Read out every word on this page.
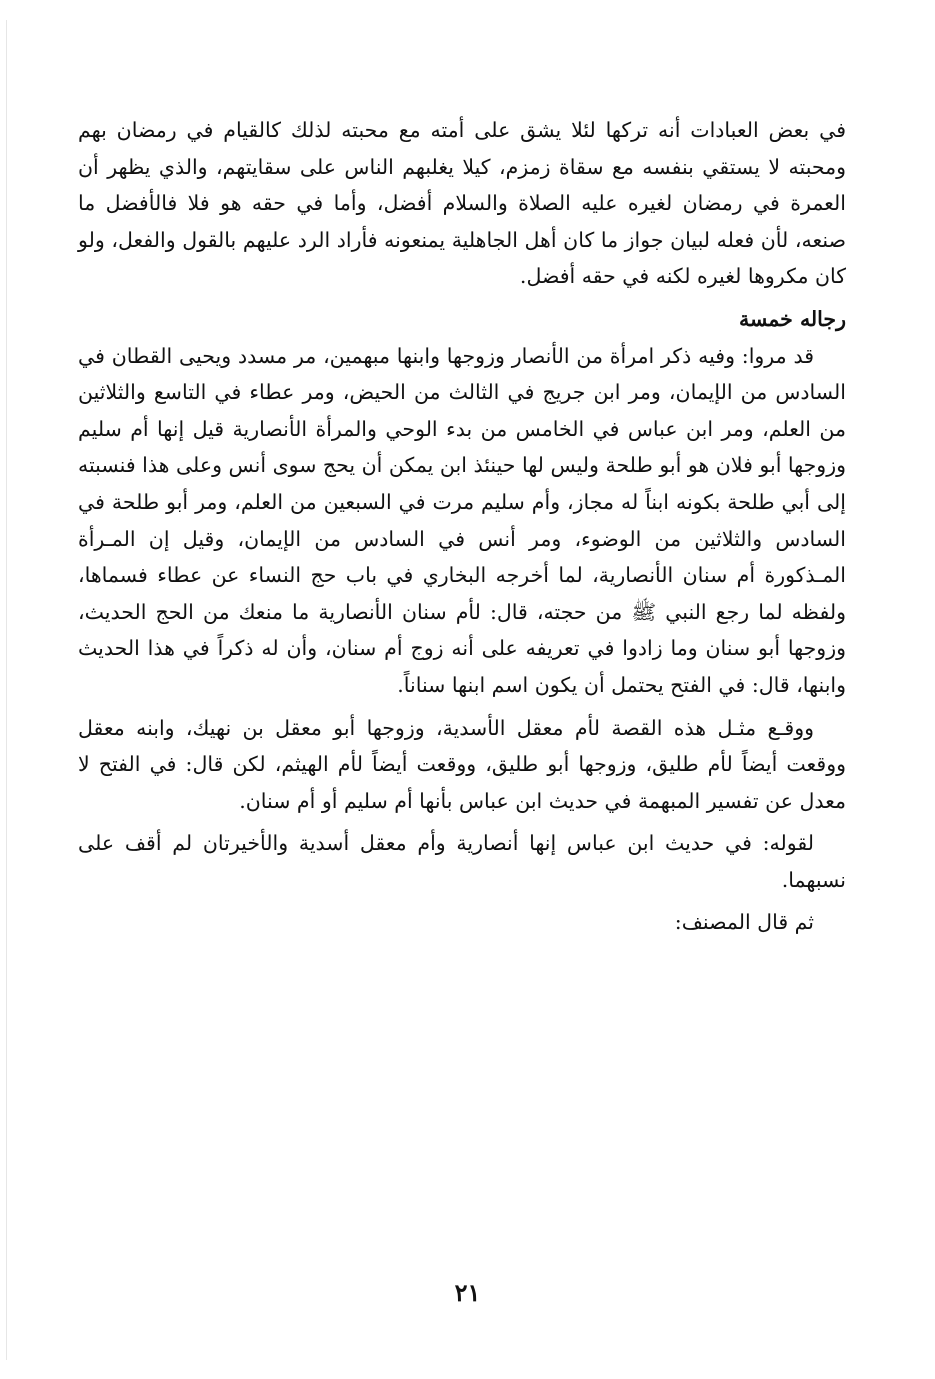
في بعض العبادات أنه تركها لئلا يشق على أمته مع محبته لذلك كالقيام في رمضان بهم ومحبته لا يستقي بنفسه مع سقاة زمزم، كيلا يغلبهم الناس على سقايتهم، والذي يظهر أن العمرة في رمضان لغيره عليه الصلاة والسلام أفضل، وأما في حقه هو فلا فالأفضل ما صنعه، لأن فعله لبيان جواز ما كان أهل الجاهلية يمنعونه فأراد الرد عليهم بالقول والفعل، ولو كان مكروها لغيره لكنه في حقه أفضل.

رجاله خمسة

قد مروا: وفيه ذكر امرأة من الأنصار وزوجها وابنها مبهمين، مر مسدد ويحيى القطان في السادس من الإيمان، ومر ابن جريج في الثالث من الحيض، ومر عطاء في التاسع والثلاثين من العلم، ومر ابن عباس في الخامس من بدء الوحي والمرأة الأنصارية قيل إنها أم سليم وزوجها أبو فلان هو أبو طلحة وليس لها حينئذ ابن يمكن أن يحج سوى أنس وعلى هذا فنسبته إلى أبي طلحة بكونه ابناً له مجاز، وأم سليم مرت في السبعين من العلم، ومر أبو طلحة في السادس والثلاثين من الوضوء، ومر أنس في السادس من الإيمان، وقيل إن المـرأة المـذكورة أم سنان الأنصارية، لما أخرجه البخاري في باب حج النساء عن عطاء فسماها، ولفظه لما رجع النبي ﷺ من حجته، قال: لأم سنان الأنصارية ما منعك من الحج الحديث، وزوجها أبو سنان وما زادوا في تعريفه على أنه زوج أم سنان، وأن له ذكراً في هذا الحديث وابنها، قال: في الفتح يحتمل أن يكون اسم ابنها سناناً.

ووقـع مثـل هذه القصة لأم معقل الأسدية، وزوجها أبو معقل بن نهيك، وابنه معقل ووقعت أيضاً لأم طليق، وزوجها أبو طليق، ووقعت أيضاً لأم الهيثم، لكن قال: في الفتح لا معدل عن تفسير المبهمة في حديث ابن عباس بأنها أم سليم أو أم سنان.

لقوله: في حديث ابن عباس إنها أنصارية وأم معقل أسدية والأخيرتان لم أقف على نسبهما.

ثم قال المصنف:

٢١
